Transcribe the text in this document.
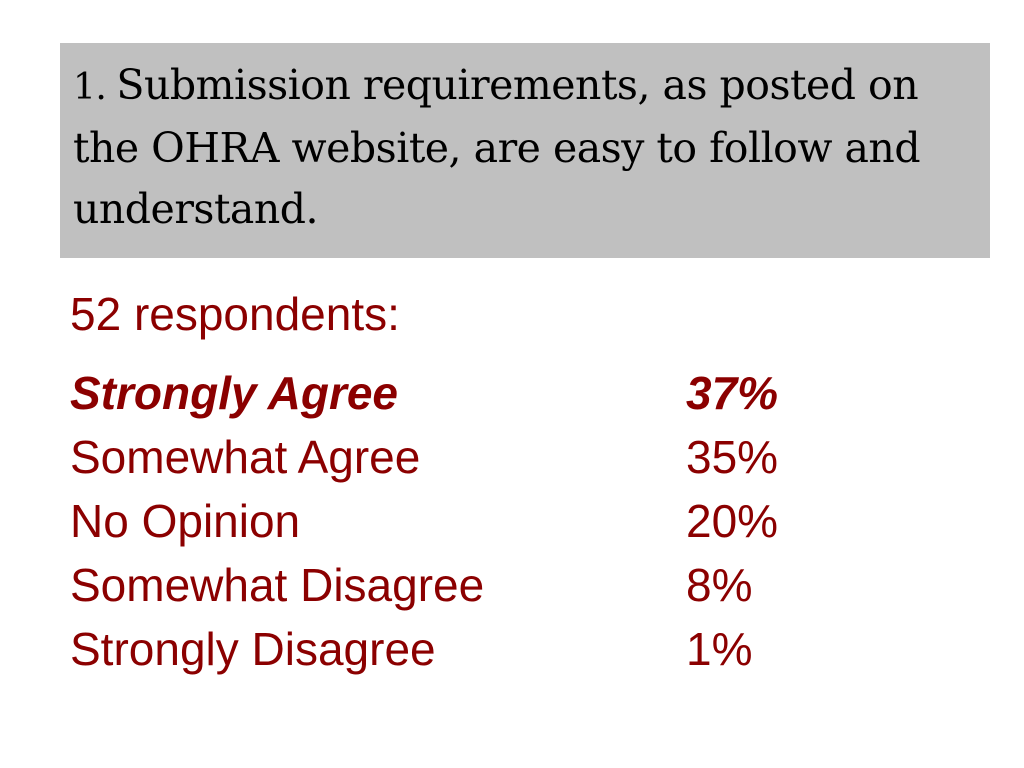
1. Submission requirements, as posted on the OHRA website, are easy to follow and understand.

52 respondents:

Strongly Agree	37%
Somewhat Agree	35%
No Opinion	20%
Somewhat Disagree	8%
Strongly Disagree	1%
